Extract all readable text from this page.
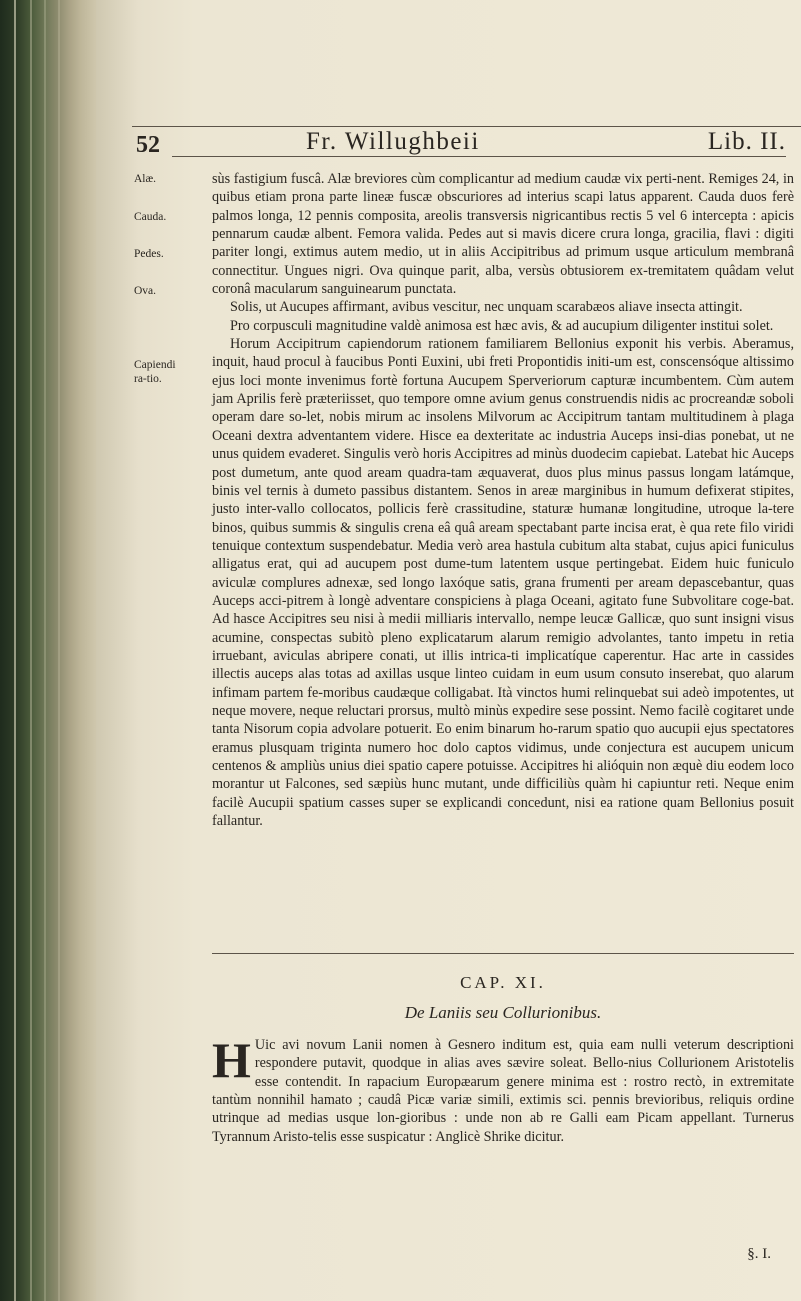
52	Fr. Willughbeii	Lib. II.
Alæ.
Cauda.
Pedes.
Ova.
Capiendi ra-tio.

sùs fastigium fuscâ. Alæ breviores cùm complicantur ad medium caudæ vix perti-nent. Remiges 24, in quibus etiam prona parte lineæ fuscæ obscuriores ad interius scapi latus apparent. Cauda duos ferè palmos longa, 12 pennis composita, areolis transversis nigricantibus rectis 5 vel 6 intercepta : apicis pennarum caudæ albent. Femora valida. Pedes aut si mavis dicere crura longa, gracilia, flavi : digiti pariter longi, extimus autem medio, ut in aliis Accipitribus ad primum usque articulum membranâ connectitur. Ungues nigri. Ova quinque parit, alba, versùs obtusiorem ex-tremitatem quâdam velut coronâ macularum sanguinearum punctata.

Solis, ut Aucupes affirmant, avibus vescitur, nec unquam scarabæos aliave insecta attingit.

Pro corpusculi magnitudine valdè animosa est hæc avis, & ad aucupium diligenter institui solet.

Horum Accipitrum capiendorum rationem familiarem Bellonius exponit his verbis. Aberamus, inquit, haud procul à faucibus Ponti Euxini, ubi freti Propontidis initi-um est, conscensóque altissimo ejus loci monte invenimus fortè fortuna Aucupem Sperveriorum capturæ incumbentem. Cùm autem jam Aprilis ferè præteriisset, quo tempore omne avium genus construendis nidis ac procreandæ soboli operam dare so-let, nobis mirum ac insolens Milvorum ac Accipitrum tantam multitudinem à plaga Oceani dextra adventantem videre. Hisce ea dexteritate ac industria Auceps insi-dias ponebat, ut ne unus quidem evaderet. Singulis verò horis Accipitres ad minùs duodecim capiebat. Latebat hic Auceps post dumetum, ante quod aream quadra-tam æquaverat, duos plus minus passus longam latámque, binis vel ternis à dumeto passibus distantem. Senos in areæ marginibus in humum defixerat stipites, justo inter-vallo collocatos, pollicis ferè crassitudine, staturæ humanæ longitudine, utroque la-tere binos, quibus summis & singulis crena eâ quâ aream spectabant parte incisa erat, è qua rete filo viridi tenuique contextum suspendebatur. Media verò area hastula cubitum alta stabat, cujus apici funiculus alligatus erat, qui ad aucupem post dume-tum latentem usque pertingebat. Eidem huic funiculo aviculæ complures adnexæ, sed longo laxóque satis, grana frumenti per aream depascebantur, quas Auceps acci-pitrem à longè adventare conspiciens à plaga Oceani, agitato fune Subvolitare coge-bat. Ad hasce Accipitres seu nisi à medii milliaris intervallo, nempe leucæ Gallicæ, quo sunt insigni visus acumine, conspectas subitò pleno explicatarum alarum remigio advolantes, tanto impetu in retia irruebant, aviculas abripere conati, ut illis intrica-ti implicatíque caperentur. Hac arte in cassides illectis auceps alas totas ad axillas usque linteo cuidam in eum usum consuto inserebat, quo alarum infimam partem fe-moribus caudæque colligabat. Ità vinctos humi relinquebat sui adeò impotentes, ut neque movere, neque reluctari prorsus, multò minùs expedire sese possint. Nemo facilè cogitaret unde tanta Nisorum copia advolare potuerit. Eo enim binarum ho-rarum spatio quo aucupii ejus spectatores eramus plusquam triginta numero hoc dolo captos vidimus, unde conjectura est aucupem unicum centenos & ampliùs unius diei spatio capere potuisse. Accipitres hi alióquin non æquè diu eodem loco morantur ut Falcones, sed sæpiùs hunc mutant, unde difficiliùs quàm hi capiuntur reti. Neque enim facilè Aucupii spatium casses super se explicandi concedunt, nisi ea ratione quam Bellonius posuit fallantur.

CAP. XI.
De Laniis seu Collurionibus.
H Uic avi novum Lanii nomen à Gesnero inditum est, quia eam nulli veterum descriptioni respondere putavit, quodque in alias aves sævire soleat. Bello-nius Collurionem Aristotelis esse contendit. In rapacium Europæarum genere minima est : rostro rectò, in extremitate tantùm nonnihil hamato ; caudâ Picæ variæ simili, extimis sci. pennis brevioribus, reliquis ordine utrinque ad medias usque lon-gioribus : unde non ab re Galli eam Picam appellant. Turnerus Tyrannum Aristo-telis esse suspicatur : Anglicè Shrike dicitur.
§. I.
